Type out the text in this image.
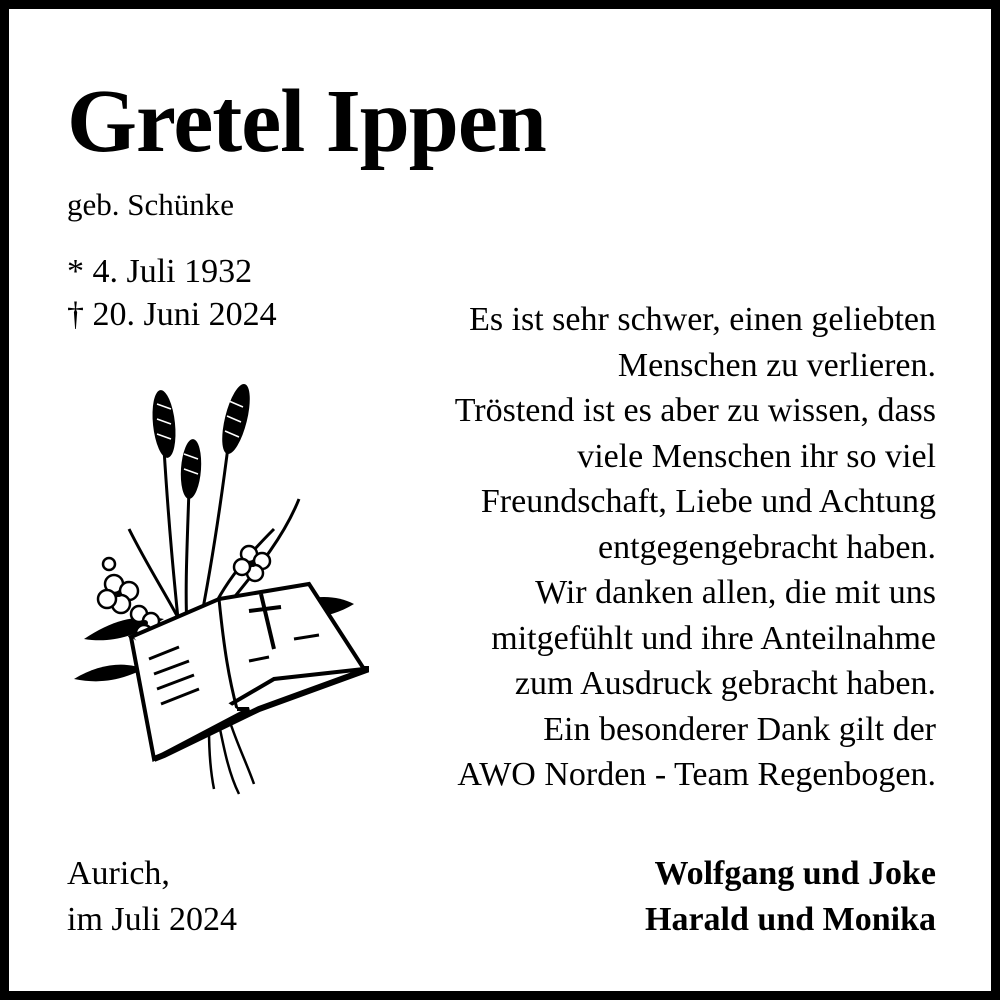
Gretel Ippen
geb. Schünke
* 4. Juli 1932
† 20. Juni 2024	Es ist sehr schwer, einen geliebten
Menschen zu verlieren.
Tröstend ist es aber zu wissen, dass
viele Menschen ihr so viel
Freundschaft, Liebe und Achtung
entgegengebracht haben.
Wir danken allen, die mit uns
mitgefühlt und ihre Anteilnahme
zum Ausdruck gebracht haben.
Ein besonderer Dank gilt der
AWO Norden - Team Regenbogen.
Aurich,
im Juli 2024
Wolfgang und Joke
Harald und Monika
